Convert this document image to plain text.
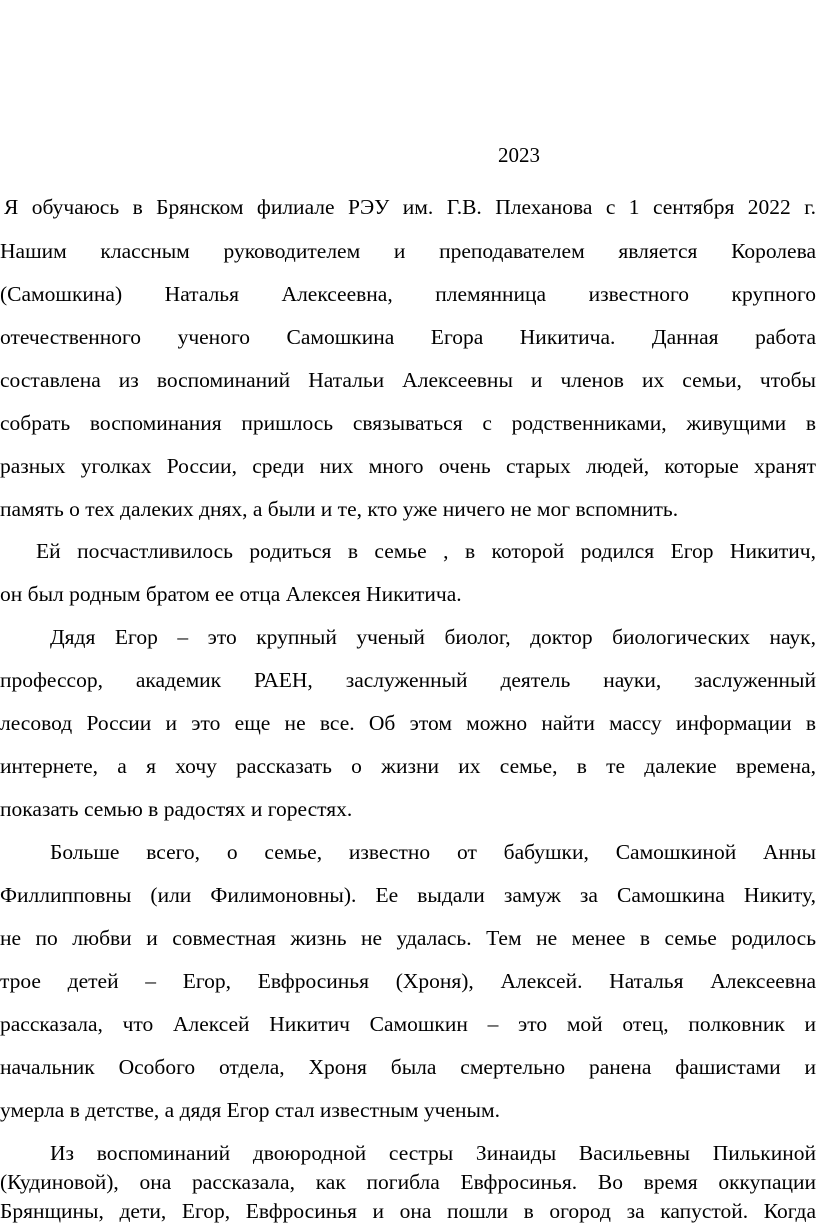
2023
Я обучаюсь в Брянском филиале РЭУ им. Г.В. Плеханова с 1 сентября 2022 г.
Нашим классным руководителем и преподавателем является Королева
(Самошкина) Наталья Алексеевна, племянница известного крупного
отечественного ученого Самошкина Егора Никитича. Данная работа
составлена из воспоминаний Натальи Алексеевны и членов их семьи, чтобы
собрать воспоминания пришлось связываться с родственниками, живущими в
разных уголках России, среди них много очень старых людей, которые хранят
память о тех далеких днях, а были и те, кто уже ничего не мог вспомнить.
Ей посчастливилось родиться в семье , в которой родился Егор Никитич,
он был родным братом ее отца Алексея Никитича.
Дядя Егор – это крупный ученый биолог, доктор биологических наук,
профессор, академик РАЕН, заслуженный деятель науки, заслуженный
лесовод России и это еще не все. Об этом можно найти массу информации в
интернете, а я хочу рассказать о жизни их семье, в те далекие времена,
показать семью в радостях и горестях.
Больше всего, о семье, известно от бабушки, Самошкиной Анны
Филлипповны (или Филимоновны). Ее выдали замуж за Самошкина Никиту,
не по любви и совместная жизнь не удалась. Тем не менее в семье родилось
трое детей – Егор, Евфросинья (Хроня), Алексей. Наталья Алексеевна
рассказала, что Алексей Никитич Самошкин – это мой отец, полковник и
начальник Особого отдела, Хроня была смертельно ранена фашистами и
умерла в детстве, а дядя Егор стал известным ученым.
Из воспоминаний двоюродной сестры Зинаиды Васильевны Пилькиной
(Кудиновой), она рассказала, как погибла Евфросинья. Во время оккупации
Брянщины, дети, Егор, Евфросинья и она пошли в огород за капустой. Когда
